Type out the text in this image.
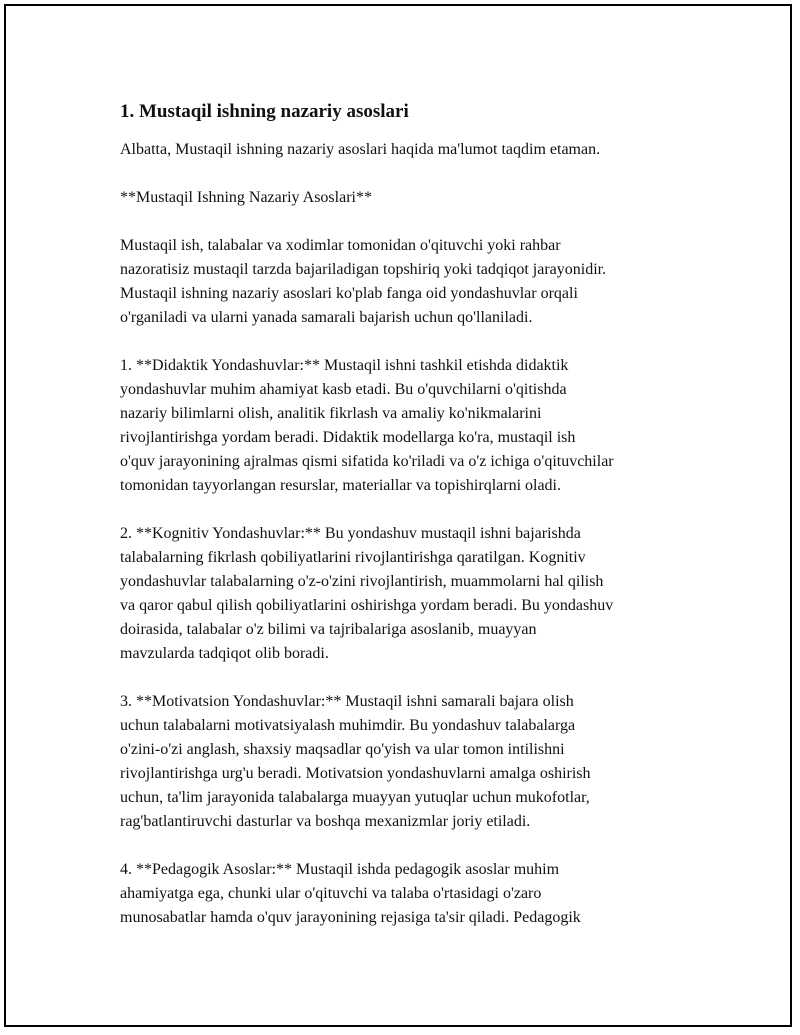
1. Mustaqil ishning nazariy asoslari
Albatta, Mustaqil ishning nazariy asoslari haqida ma'lumot taqdim etaman.
**Mustaqil Ishning Nazariy Asoslari**
Mustaqil ish, talabalar va xodimlar tomonidan o'qituvchi yoki rahbar
nazoratisiz mustaqil tarzda bajariladigan topshiriq yoki tadqiqot jarayonidir.
Mustaqil ishning nazariy asoslari ko'plab fanga oid yondashuvlar orqali
o'rganiladi va ularni yanada samarali bajarish uchun qo'llaniladi.
1. **Didaktik Yondashuvlar:** Mustaqil ishni tashkil etishda didaktik
yondashuvlar muhim ahamiyat kasb etadi. Bu o'quvchilarni o'qitishda
nazariy bilimlarni olish, analitik fikrlash va amaliy ko'nikmalarini
rivojlantirishga yordam beradi. Didaktik modellarga ko'ra, mustaqil ish
o'quv jarayonining ajralmas qismi sifatida ko'riladi va o'z ichiga o'qituvchilar
tomonidan tayyorlangan resurslar, materiallar va topishirqlarni oladi.
2. **Kognitiv Yondashuvlar:** Bu yondashuv mustaqil ishni bajarishda
talabalarning fikrlash qobiliyatlarini rivojlantirishga qaratilgan. Kognitiv
yondashuvlar talabalarning o'z-o'zini rivojlantirish, muammolarni hal qilish
va qaror qabul qilish qobiliyatlarini oshirishga yordam beradi. Bu yondashuv
doirasida, talabalar o'z bilimi va tajribalariga asoslanib, muayyan
mavzularda tadqiqot olib boradi.
3. **Motivatsion Yondashuvlar:** Mustaqil ishni samarali bajara olish
uchun talabalarni motivatsiyalash muhimdir. Bu yondashuv talabalarga
o'zini-o'zi anglash, shaxsiy maqsadlar qo'yish va ular tomon intilishni
rivojlantirishga urg'u beradi. Motivatsion yondashuvlarni amalga oshirish
uchun, ta'lim jarayonida talabalarga muayyan yutuqlar uchun mukofotlar,
rag'batlantiruvchi dasturlar va boshqa mexanizmlar joriy etiladi.
4. **Pedagogik Asoslar:** Mustaqil ishda pedagogik asoslar muhim
ahamiyatga ega, chunki ular o'qituvchi va talaba o'rtasidagi o'zaro
munosabatlar hamda o'quv jarayonining rejasiga ta'sir qiladi. Pedagogik
